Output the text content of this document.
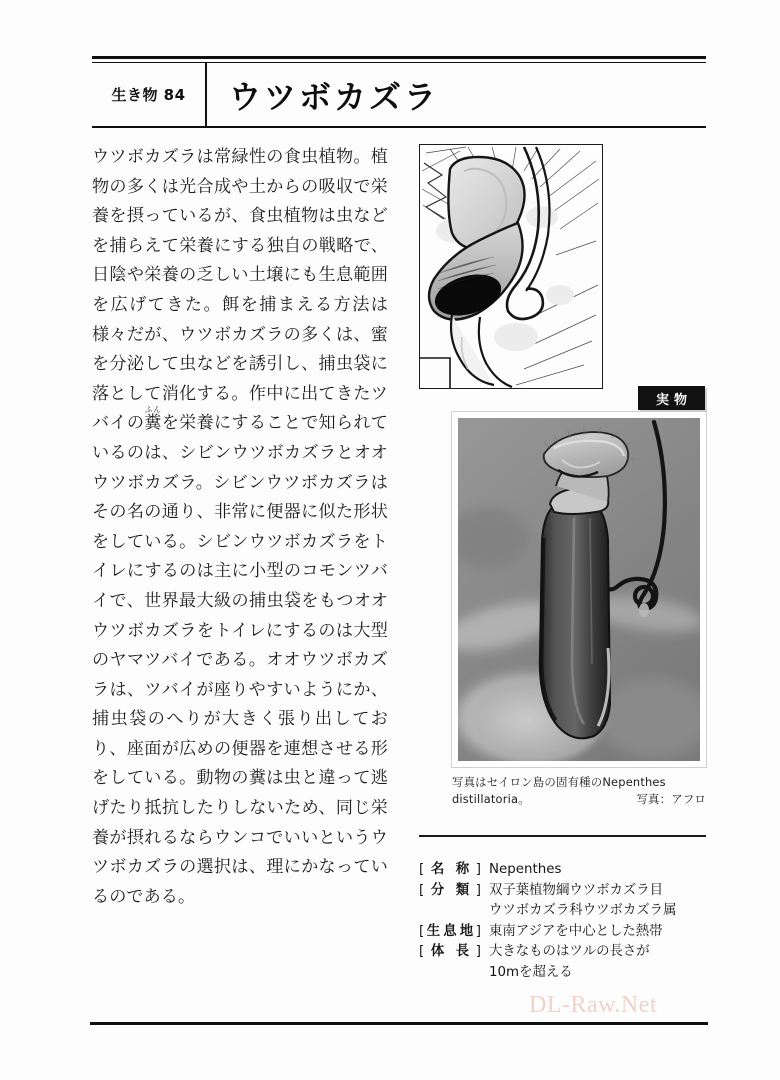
生き物 84	ウツボカズラ
ウツボカズラは常緑性の食虫植物。植物の多くは光合成や土からの吸収で栄養を摂っているが、食虫植物は虫などを捕らえて栄養にする独自の戦略で、日陰や栄養の乏しい土壌にも生息範囲を広げてきた。餌を捕まえる方法は様々だが、ウツボカズラの多くは、蜜を分泌して虫などを誘引し、捕虫袋に落として消化する。作中に出てきたツバイの糞ふんを栄養にすることで知られているのは、シビンウツボカズラとオオウツボカズラ。シビンウツボカズラはその名の通り、非常に便器に似た形状をしている。シビンウツボカズラをトイレにするのは主に小型のコモンツバイで、世界最大級の捕虫袋をもつオオウツボカズラをトイレにするのは大型のヤマツバイである。オオウツボカズラは、ツバイが座りやすいようにか、捕虫袋のへりが大きく張り出しており、座面が広めの便器を連想させる形をしている。動物の糞は虫と違って逃げたり抵抗したりしないため、同じ栄養が摂れるならウンコでいいというウツボカズラの選択は、理にかなっているのである。
実物
写真はセイロン島の固有種のNepenthes
distillatoria。	写真：アフロ
[ 名 称 ] Nepenthes
[ 分 類 ] 双子葉植物綱ウツボカズラ目
ウツボカズラ科ウツボカズラ属
[ 生 息 地 ] 東南アジアを中心とした熱帯
[ 体 長 ] 大きなものはツルの長さが
10mを超える
DL-Raw.Net
